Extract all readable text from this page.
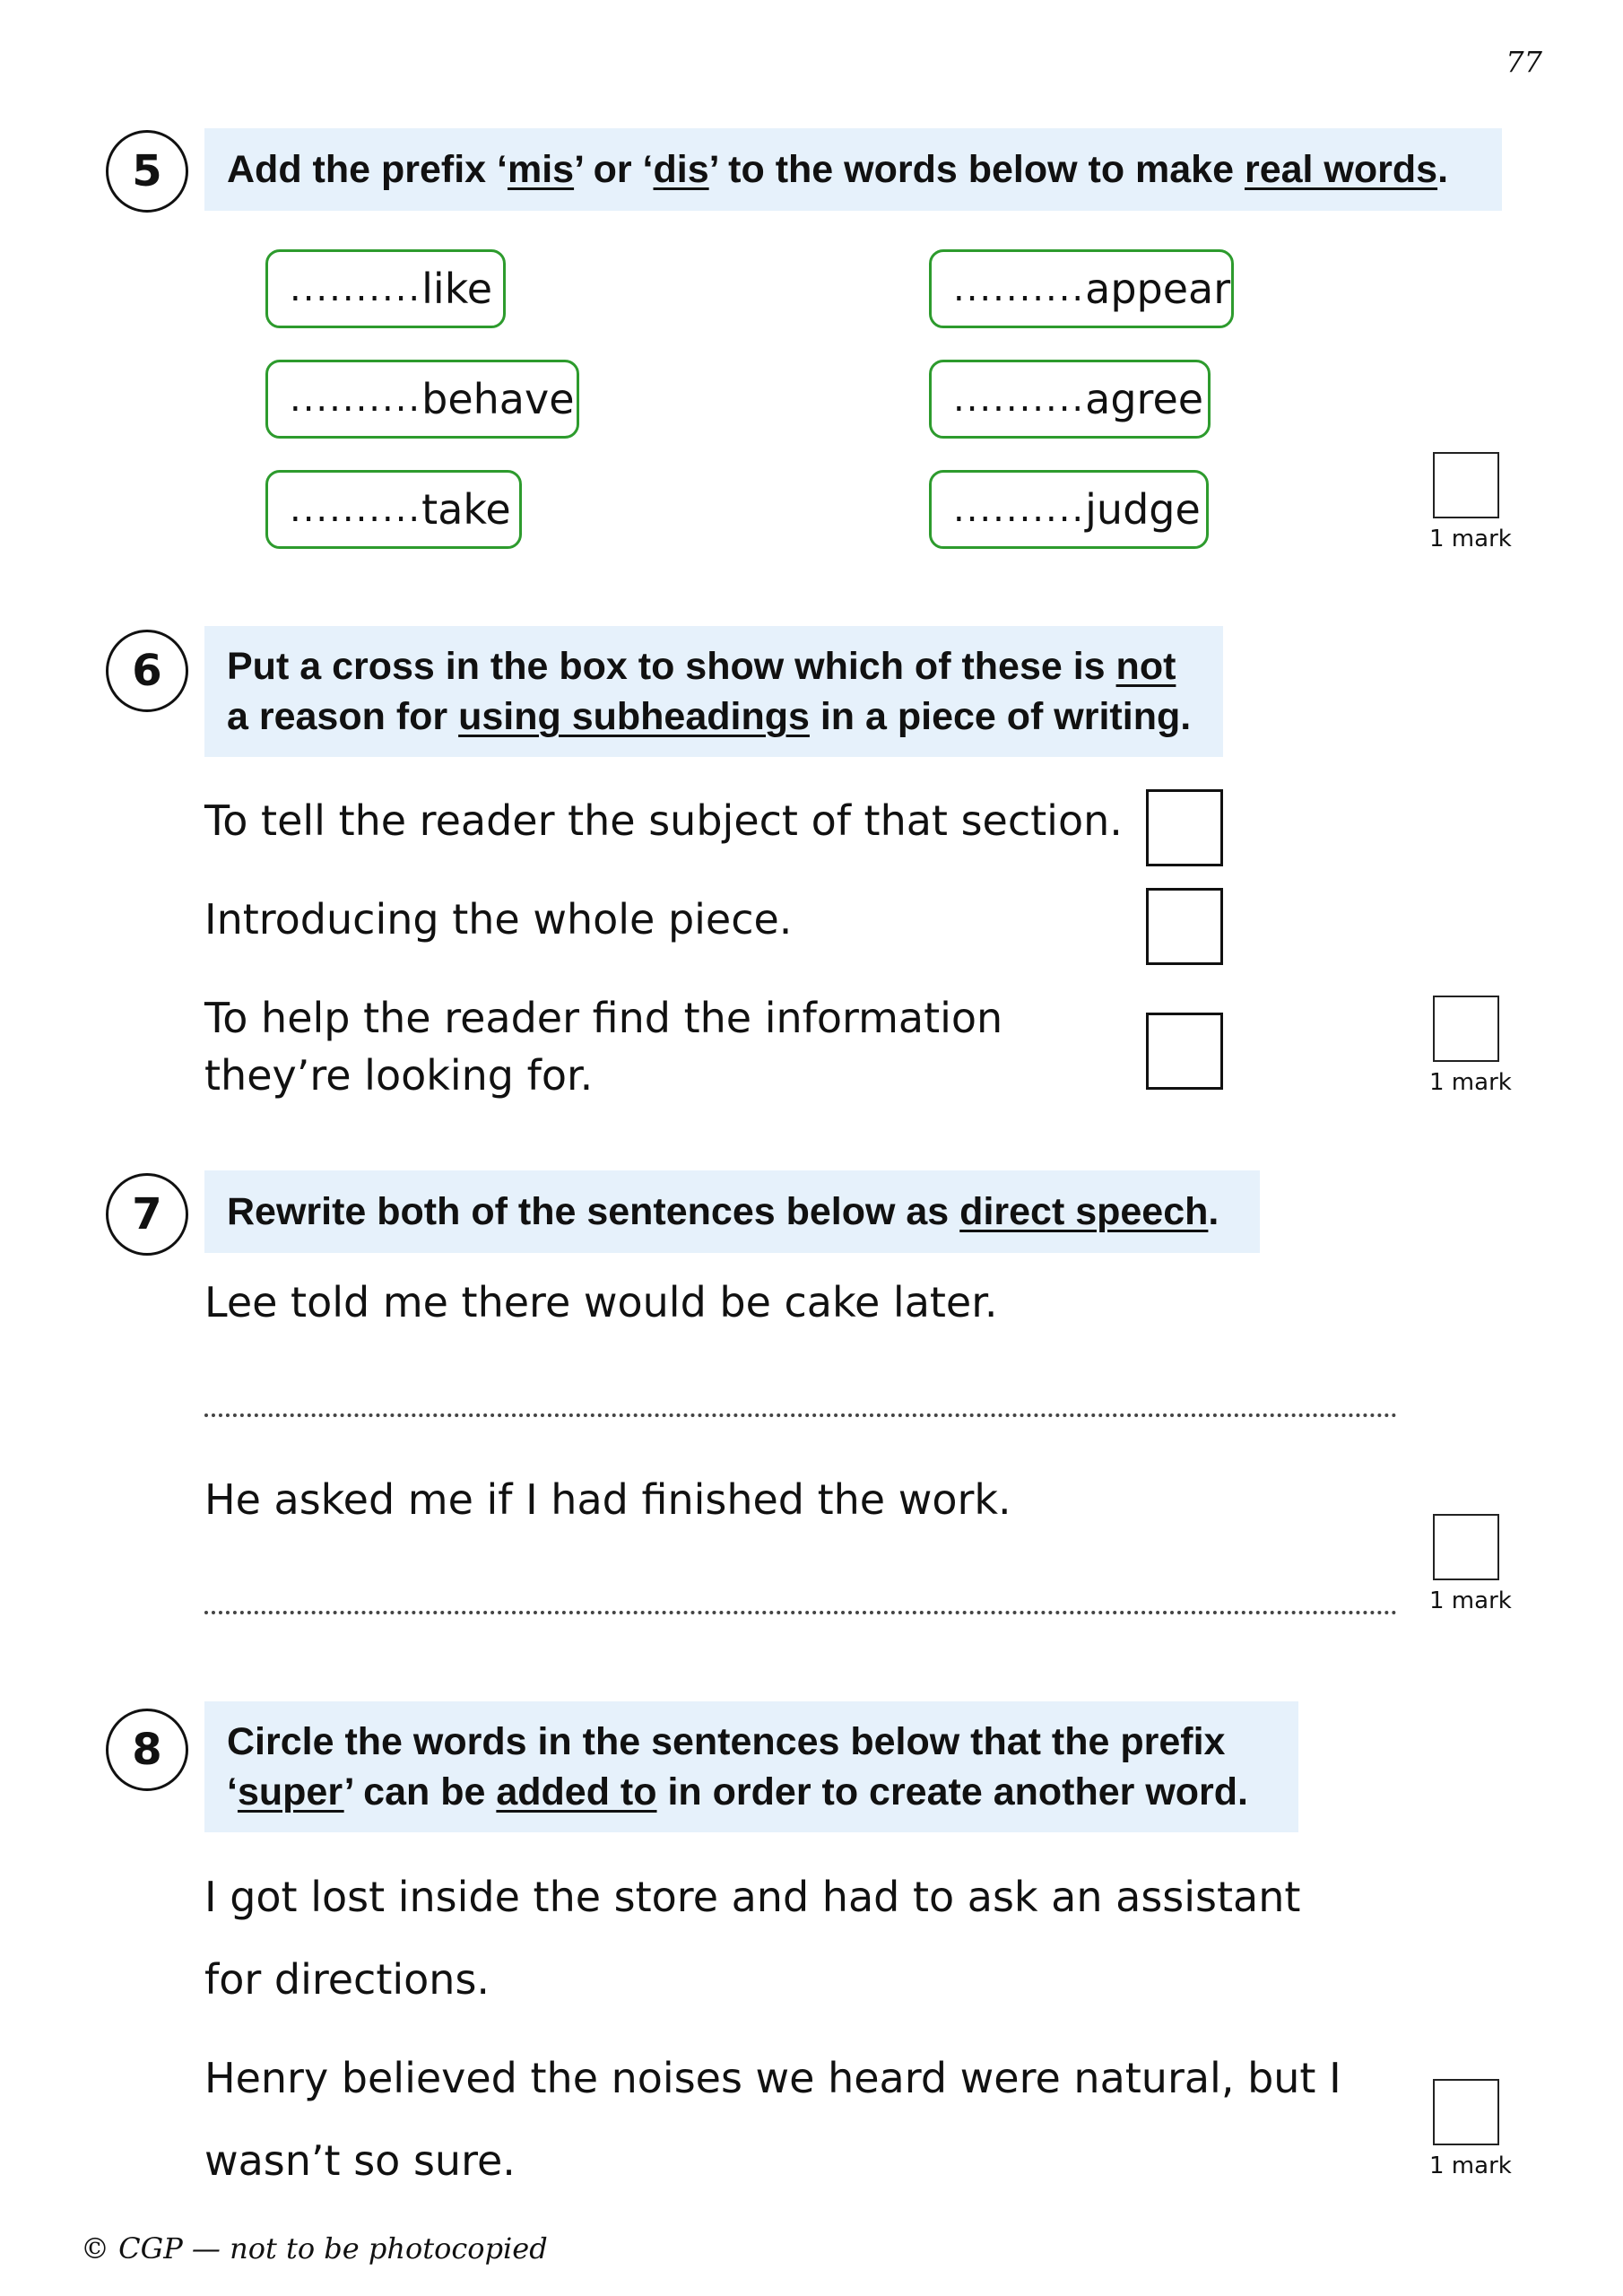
77
5	Add the prefix ‘mis’ or ‘dis’ to the words below to make real words.
.......... like	.......... appear
.......... behave	.......... agree
.......... take	.......... judge
1 mark
6	Put a cross in the box to show which of these is not
a reason for using subheadings in a piece of writing.
To tell the reader the subject of that section.
Introducing the whole piece.
To help the reader find the information
they’re looking for.	1 mark
7	Rewrite both of the sentences below as direct speech.
Lee told me there would be cake later.
He asked me if I had finished the work.
1 mark
8	Circle the words in the sentences below that the prefix
‘super’ can be added to in order to create another word.
I got lost inside the store and had to ask an assistant
for directions.
Henry believed the noises we heard were natural, but I
wasn’t so sure.	1 mark
© CGP — not to be photocopied
